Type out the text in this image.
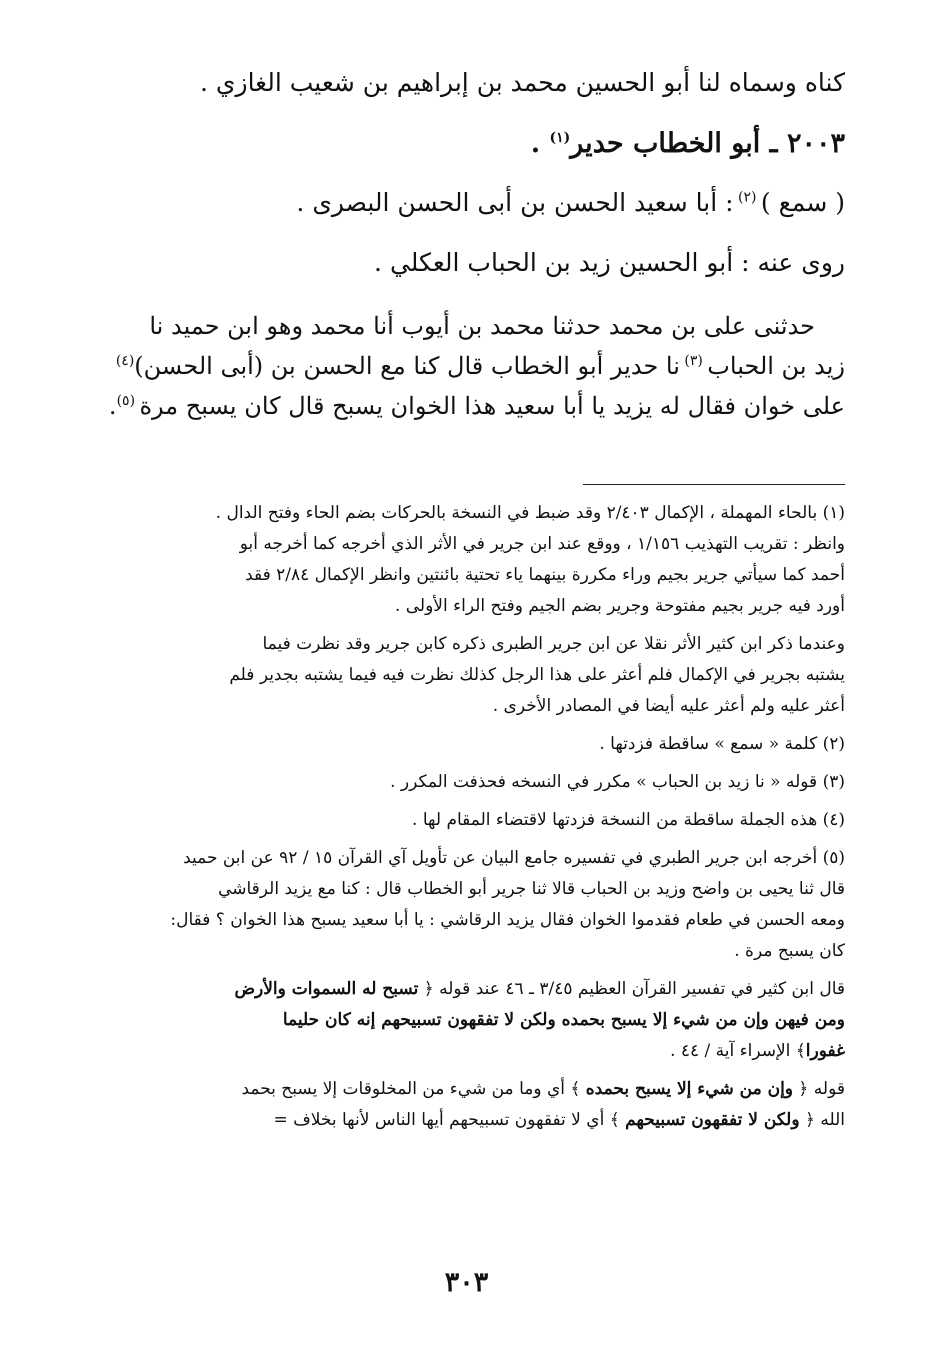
كناه وسماه لنا أبو الحسين محمد بن إبراهيم بن شعيب الغازي .

٢٠٠٣ ـ أبو الخطاب حدير$^{(١)}$ .

( سمع ) $^{(٢)}$ : أبا سعيد الحسن بن أبى الحسن البصرى .

روى عنه : أبو الحسين زيد بن الحباب العكلي .

حدثنى على بن محمد حدثنا محمد بن أيوب أنا محمد وهو ابن حميد نا

زيد بن الحباب $^{(٣)}$ نا حدير أبو الخطاب قال كنا مع الحسن بن (أبى الحسن)$^{(٤)}$

على خوان فقال له يزيد يا أبا سعيد هذا الخوان يسبح قال كان يسبح مرة $^{(٥)}$.

(١) بالحاء المهملة ، الإكمال ٢/٤٠٣ وقد ضبط في النسخة بالحركات بضم الحاء وفتح الدال .

وانظر : تقريب التهذيب ١/١٥٦ ، ووقع عند ابن جرير في الأثر الذي أخرجه كما أخرجه أبو

أحمد كما سيأتي جرير بجيم وراء مكررة بينهما ياء تحتية بائنتين وانظر الإكمال ٢/٨٤ فقد

أورد فيه جرير بجيم مفتوحة وجرير بضم الجيم وفتح الراء الأولى .

وعندما ذكر ابن كثير الأثر نقلا عن ابن جرير الطبرى ذكره كابن جرير وقد نظرت فيما

يشتبه بجرير في الإكمال فلم أعثر على هذا الرجل كذلك نظرت فيه فيما يشتبه بجدير فلم

أعثر عليه ولم أعثر عليه أيضا في المصادر الأخرى .

(٢) كلمة « سمع » ساقطة فزدتها .

(٣) قوله « نا زيد بن الحباب » مكرر في النسخه فحذفت المكرر .

(٤) هذه الجملة ساقطة من النسخة فزدتها لاقتضاء المقام لها .

(٥) أخرجه ابن جرير الطبري في تفسيره جامع البيان عن تأويل آي القرآن ١٥ / ٩٢ عن ابن حميد

قال ثنا يحيى بن واضح وزيد بن الحباب قالا ثنا جرير أبو الخطاب قال : كنا مع يزيد الرقاشي

ومعه الحسن في طعام فقدموا الخوان فقال يزيد الرقاشي : يا أبا سعيد يسبح هذا الخوان ؟ فقال:

كان يسبح مرة .

قال ابن كثير في تفسير القرآن العظيم ٣/٤٥ ـ ٤٦ عند قوله ﴿ تسبح له السموات والأرض

ومن فيهن وإن من شيء إلا يسبح بحمده ولكن لا تفقهون تسبيحهم إنه كان حليما

غفورا﴾ الإسراء آية / ٤٤ .

قوله ﴿ وإن من شيء إلا يسبح بحمده ﴾ أي وما من شيء من المخلوقات إلا يسبح بحمد

الله ﴿ ولكن لا تفقهون تسبيحهم ﴾ أي لا تفقهون تسبيحهم أيها الناس لأنها بخلاف =

٣٠٣
